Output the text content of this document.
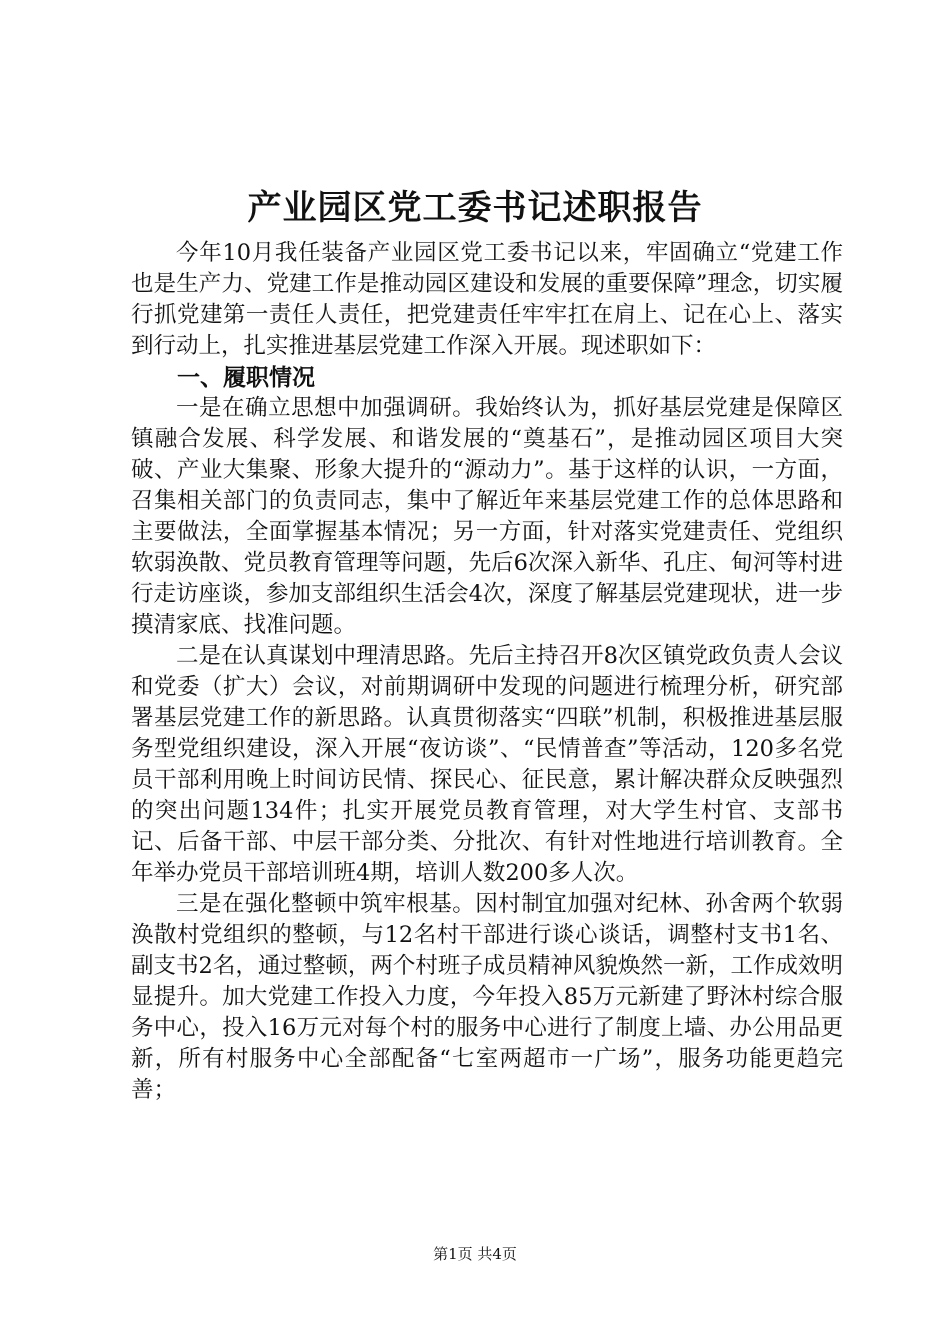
产业园区党工委书记述职报告

今年10月我任装备产业园区党工委书记以来，牢固确立“党建工作也是生产力、党建工作是推动园区建设和发展的重要保障”理念，切实履行抓党建第一责任人责任，把党建责任牢牢扛在肩上、记在心上、落实到行动上，扎实推进基层党建工作深入开展。现述职如下：

一、履职情况

一是在确立思想中加强调研。我始终认为，抓好基层党建是保障区镇融合发展、科学发展、和谐发展的“奠基石”，是推动园区项目大突破、产业大集聚、形象大提升的“源动力”。基于这样的认识，一方面，召集相关部门的负责同志，集中了解近年来基层党建工作的总体思路和主要做法，全面掌握基本情况；另一方面，针对落实党建责任、党组织软弱涣散、党员教育管理等问题，先后6次深入新华、孔庄、甸河等村进行走访座谈，参加支部组织生活会4次，深度了解基层党建现状，进一步摸清家底、找准问题。

二是在认真谋划中理清思路。先后主持召开8次区镇党政负责人会议和党委（扩大）会议，对前期调研中发现的问题进行梳理分析，研究部署基层党建工作的新思路。认真贯彻落实“四联”机制，积极推进基层服务型党组织建设，深入开展“夜访谈”、“民情普查”等活动，120多名党员干部利用晚上时间访民情、探民心、征民意，累计解决群众反映强烈的突出问题134件；扎实开展党员教育管理，对大学生村官、支部书记、后备干部、中层干部分类、分批次、有针对性地进行培训教育。全年举办党员干部培训班4期，培训人数200多人次。

三是在强化整顿中筑牢根基。因村制宜加强对纪林、孙舍两个软弱涣散村党组织的整顿，与12名村干部进行谈心谈话，调整村支书1名、副支书2名，通过整顿，两个村班子成员精神风貌焕然一新，工作成效明显提升。加大党建工作投入力度，今年投入85万元新建了野沐村综合服务中心，投入16万元对每个村的服务中心进行了制度上墙、办公用品更新，所有村服务中心全部配备“七室两超市一广场”，服务功能更趋完善；

第1页 共4页
